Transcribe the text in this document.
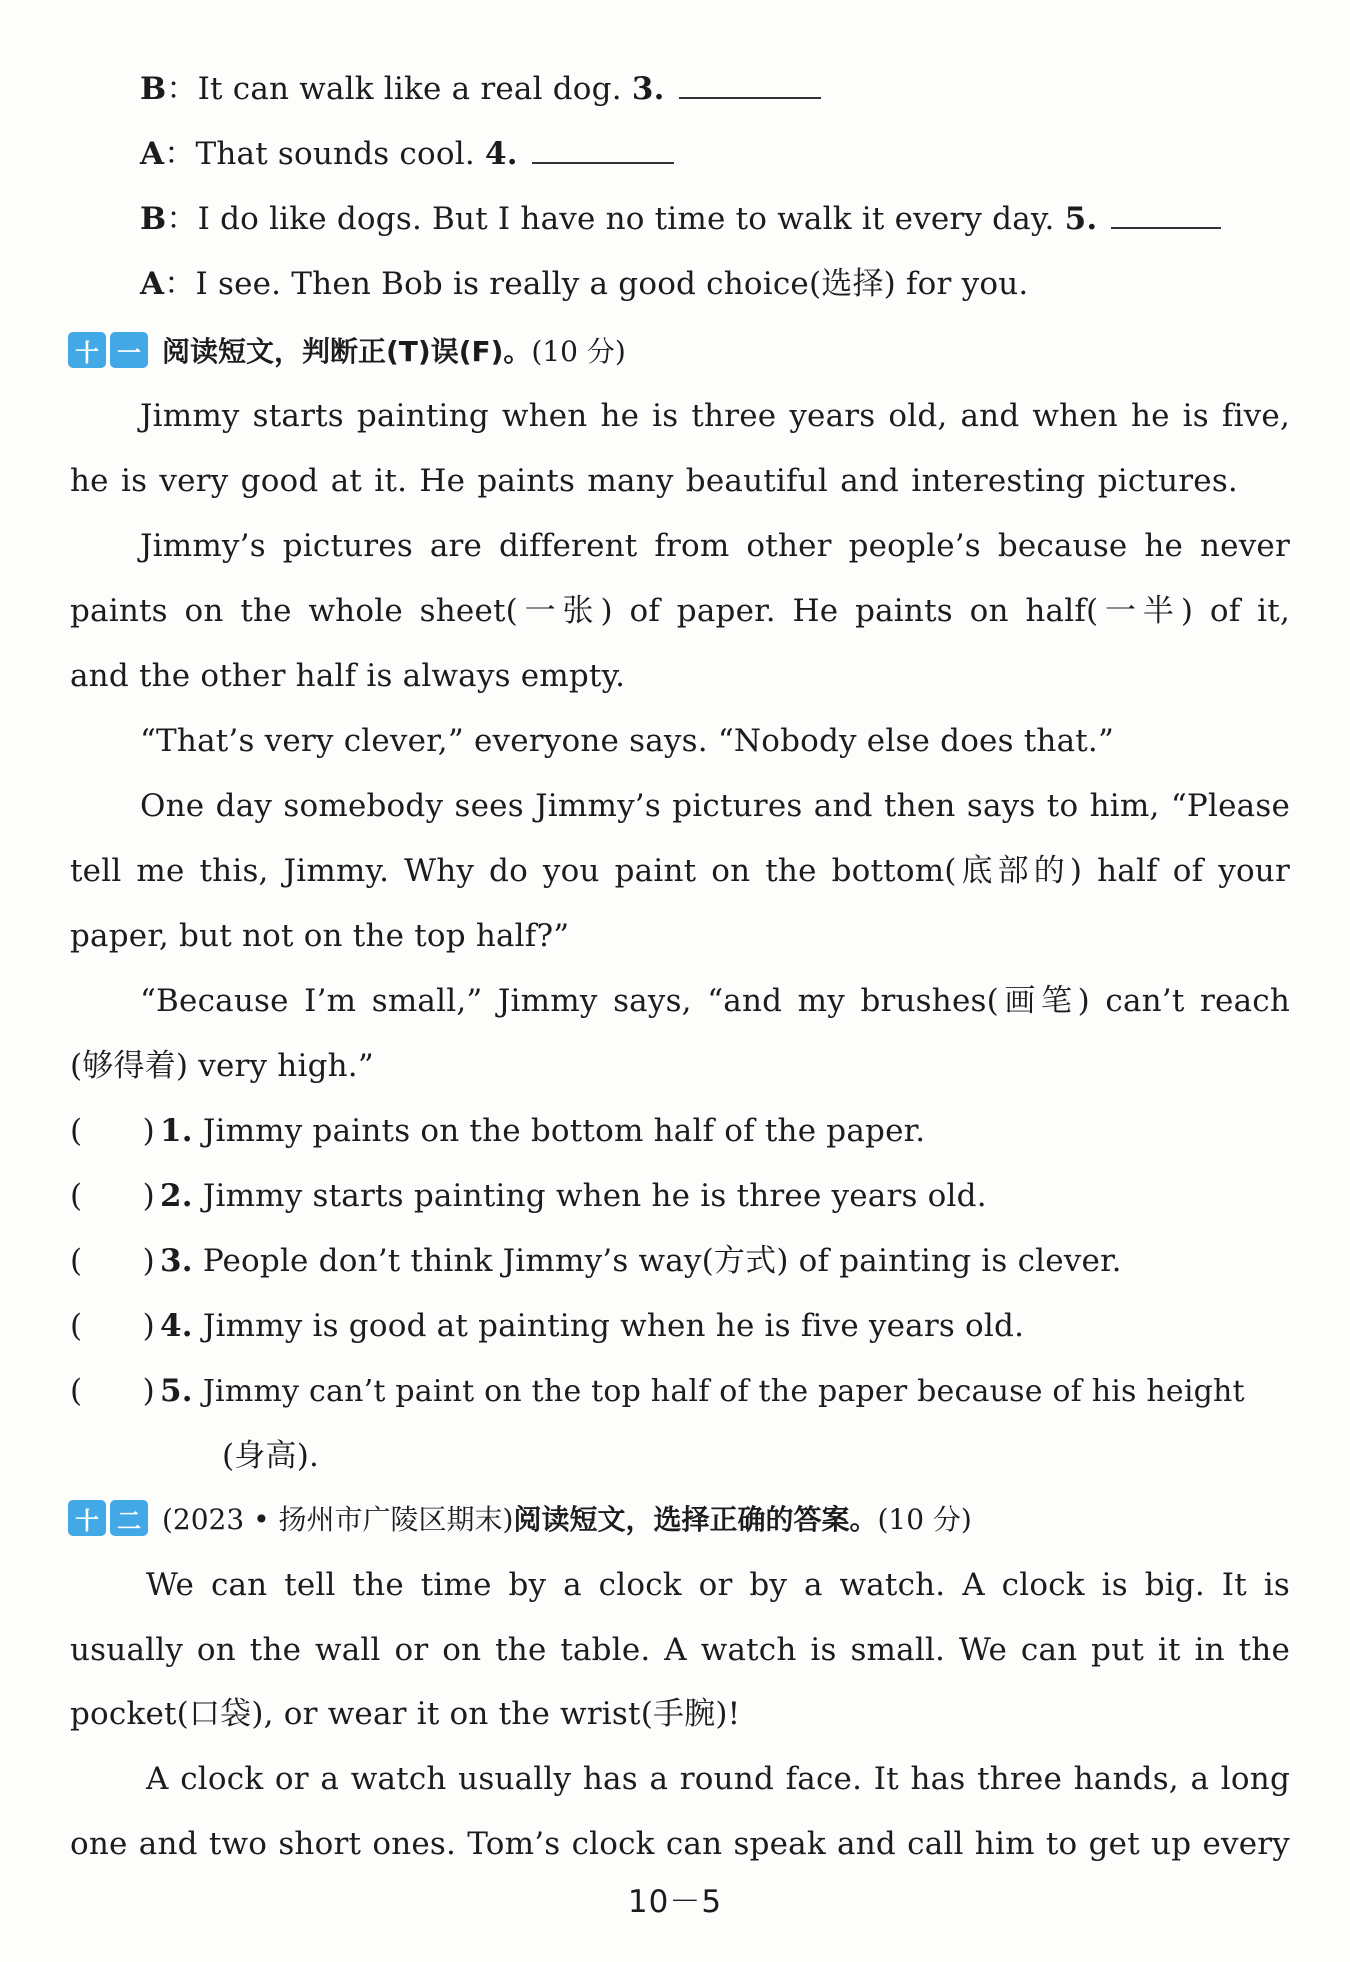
B：It can walk like a real dog. 3.
A：That sounds cool. 4.
B：I do like dogs. But I have no time to walk it every day. 5.
A：I see. Then Bob is really a good choice(选择) for you.
十 一 阅读短文，判断正(T)误(F)。 (10 分)
Jimmy starts painting when he is three years old, and when he is five,
he is very good at it. He paints many beautiful and interesting pictures.
Jimmy’s pictures are different from other people’s because he never
paints on the whole sheet(一张) of paper. He paints on half(一半) of it,
and the other half is always empty.
“That’s very clever,” everyone says. “Nobody else does that.”
One day somebody sees Jimmy’s pictures and then says to him, “Please
tell me this, Jimmy. Why do you paint on the bottom(底部的) half of your
paper, but not on the top half?”
“Because I’m small,” Jimmy says, “and my brushes(画笔) can’t reach
(够得着) very high.”
(      ) 1. Jimmy paints on the bottom half of the paper.
(      ) 2. Jimmy starts painting when he is three years old.
(      ) 3. People don’t think Jimmy’s way(方式) of painting is clever.
(      ) 4. Jimmy is good at painting when he is five years old.
(      ) 5. Jimmy can’t paint on the top half of the paper because of his height
(身高).
十 二 (2023 • 扬州市广陵区期末) 阅读短文，选择正确的答案。 (10 分)
We can tell the time by a clock or by a watch. A clock is big. It is
usually on the wall or on the table. A watch is small. We can put it in the
pocket(口袋), or wear it on the wrist(手腕)!
A clock or a watch usually has a round face. It has three hands, a long
one and two short ones. Tom’s clock can speak and call him to get up every
10－5
